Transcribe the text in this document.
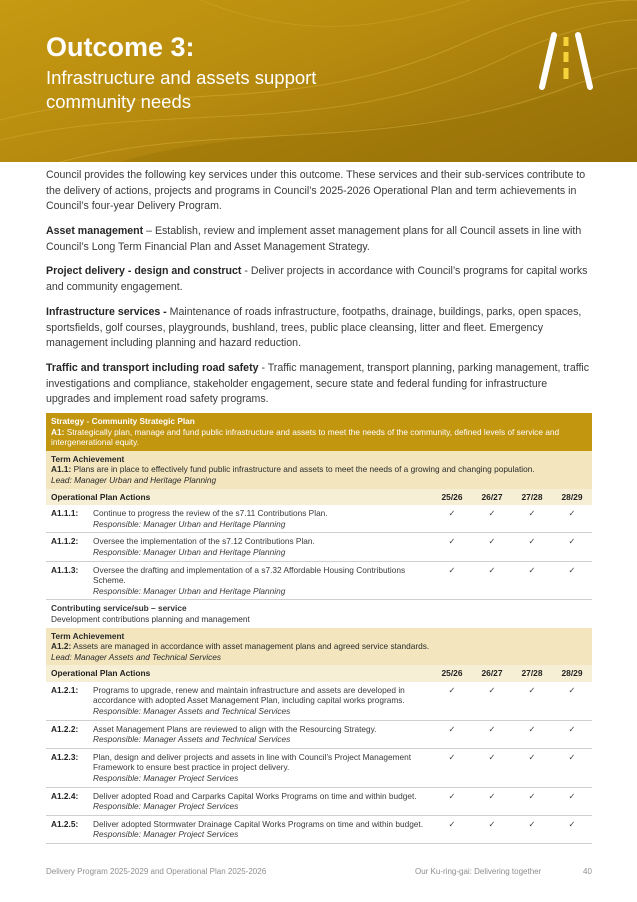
Outcome 3:
Infrastructure and assets support community needs

Council provides the following key services under this outcome. These services and their sub-services contribute to the delivery of actions, projects and programs in Council’s 2025-2026 Operational Plan and term achievements in Council’s four-year Delivery Program.

Asset management – Establish, review and implement asset management plans for all Council assets in line with Council’s Long Term Financial Plan and Asset Management Strategy.

Project delivery - design and construct - Deliver projects in accordance with Council’s programs for capital works and community engagement.

Infrastructure services - Maintenance of roads infrastructure, footpaths, drainage, buildings, parks, open spaces, sportsfields, golf courses, playgrounds, bushland, trees, public place cleansing, litter and fleet. Emergency management including planning and hazard reduction.

Traffic and transport including road safety - Traffic management, transport planning, parking management, traffic investigations and compliance, stakeholder engagement, secure state and federal funding for infrastructure upgrades and implement road safety programs.

Strategy - Community Strategic Plan
A1: Strategically plan, manage and fund public infrastructure and assets to meet the needs of the community, defined levels of service and intergenerational equity.					

Term Achievement
A1.1: Plans are in place to effectively fund public infrastructure and assets to meet the needs of a growing and changing population.
Lead: Manager Urban and Heritage Planning					

Operational Plan Actions		25/26	26/27	27/28	28/29
A1.1.1:	Continue to progress the review of the s7.11 Contributions Plan.
Responsible: Manager Urban and Heritage Planning	✓	✓	✓	✓
A1.1.2:	Oversee the implementation of the s7.12 Contributions Plan.
Responsible: Manager Urban and Heritage Planning	✓	✓	✓	✓
A1.1.3:	Oversee the drafting and implementation of a s7.32 Affordable Housing Contributions Scheme.
Responsible: Manager Urban and Heritage Planning	✓	✓	✓	✓

Contributing service/sub – service
Development contributions planning and management					

Term Achievement
A1.2: Assets are managed in accordance with asset management plans and agreed service standards.
Lead: Manager Assets and Technical Services					

Operational Plan Actions		25/26	26/27	27/28	28/29
A1.2.1:	Programs to upgrade, renew and maintain infrastructure and assets are developed in accordance with adopted Asset Management Plan, including capital works programs.
Responsible: Manager Assets and Technical Services	✓	✓	✓	✓
A1.2.2:	Asset Management Plans are reviewed to align with the Resourcing Strategy.
Responsible: Manager Assets and Technical Services	✓	✓	✓	✓
A1.2.3:	Plan, design and deliver projects and assets in line with Council’s Project Management Framework to ensure best practice in project delivery.
Responsible: Manager Project Services	✓	✓	✓	✓
A1.2.4:	Deliver adopted Road and Carparks Capital Works Programs on time and within budget.
Responsible: Manager Project Services	✓	✓	✓	✓
A1.2.5:	Deliver adopted Stormwater Drainage Capital Works Programs on time and within budget.
Responsible: Manager Project Services	✓	✓	✓	✓
Delivery Program 2025-2029 and Operational Plan 2025-2026	Our Ku-ring-gai: Delivering together	40
